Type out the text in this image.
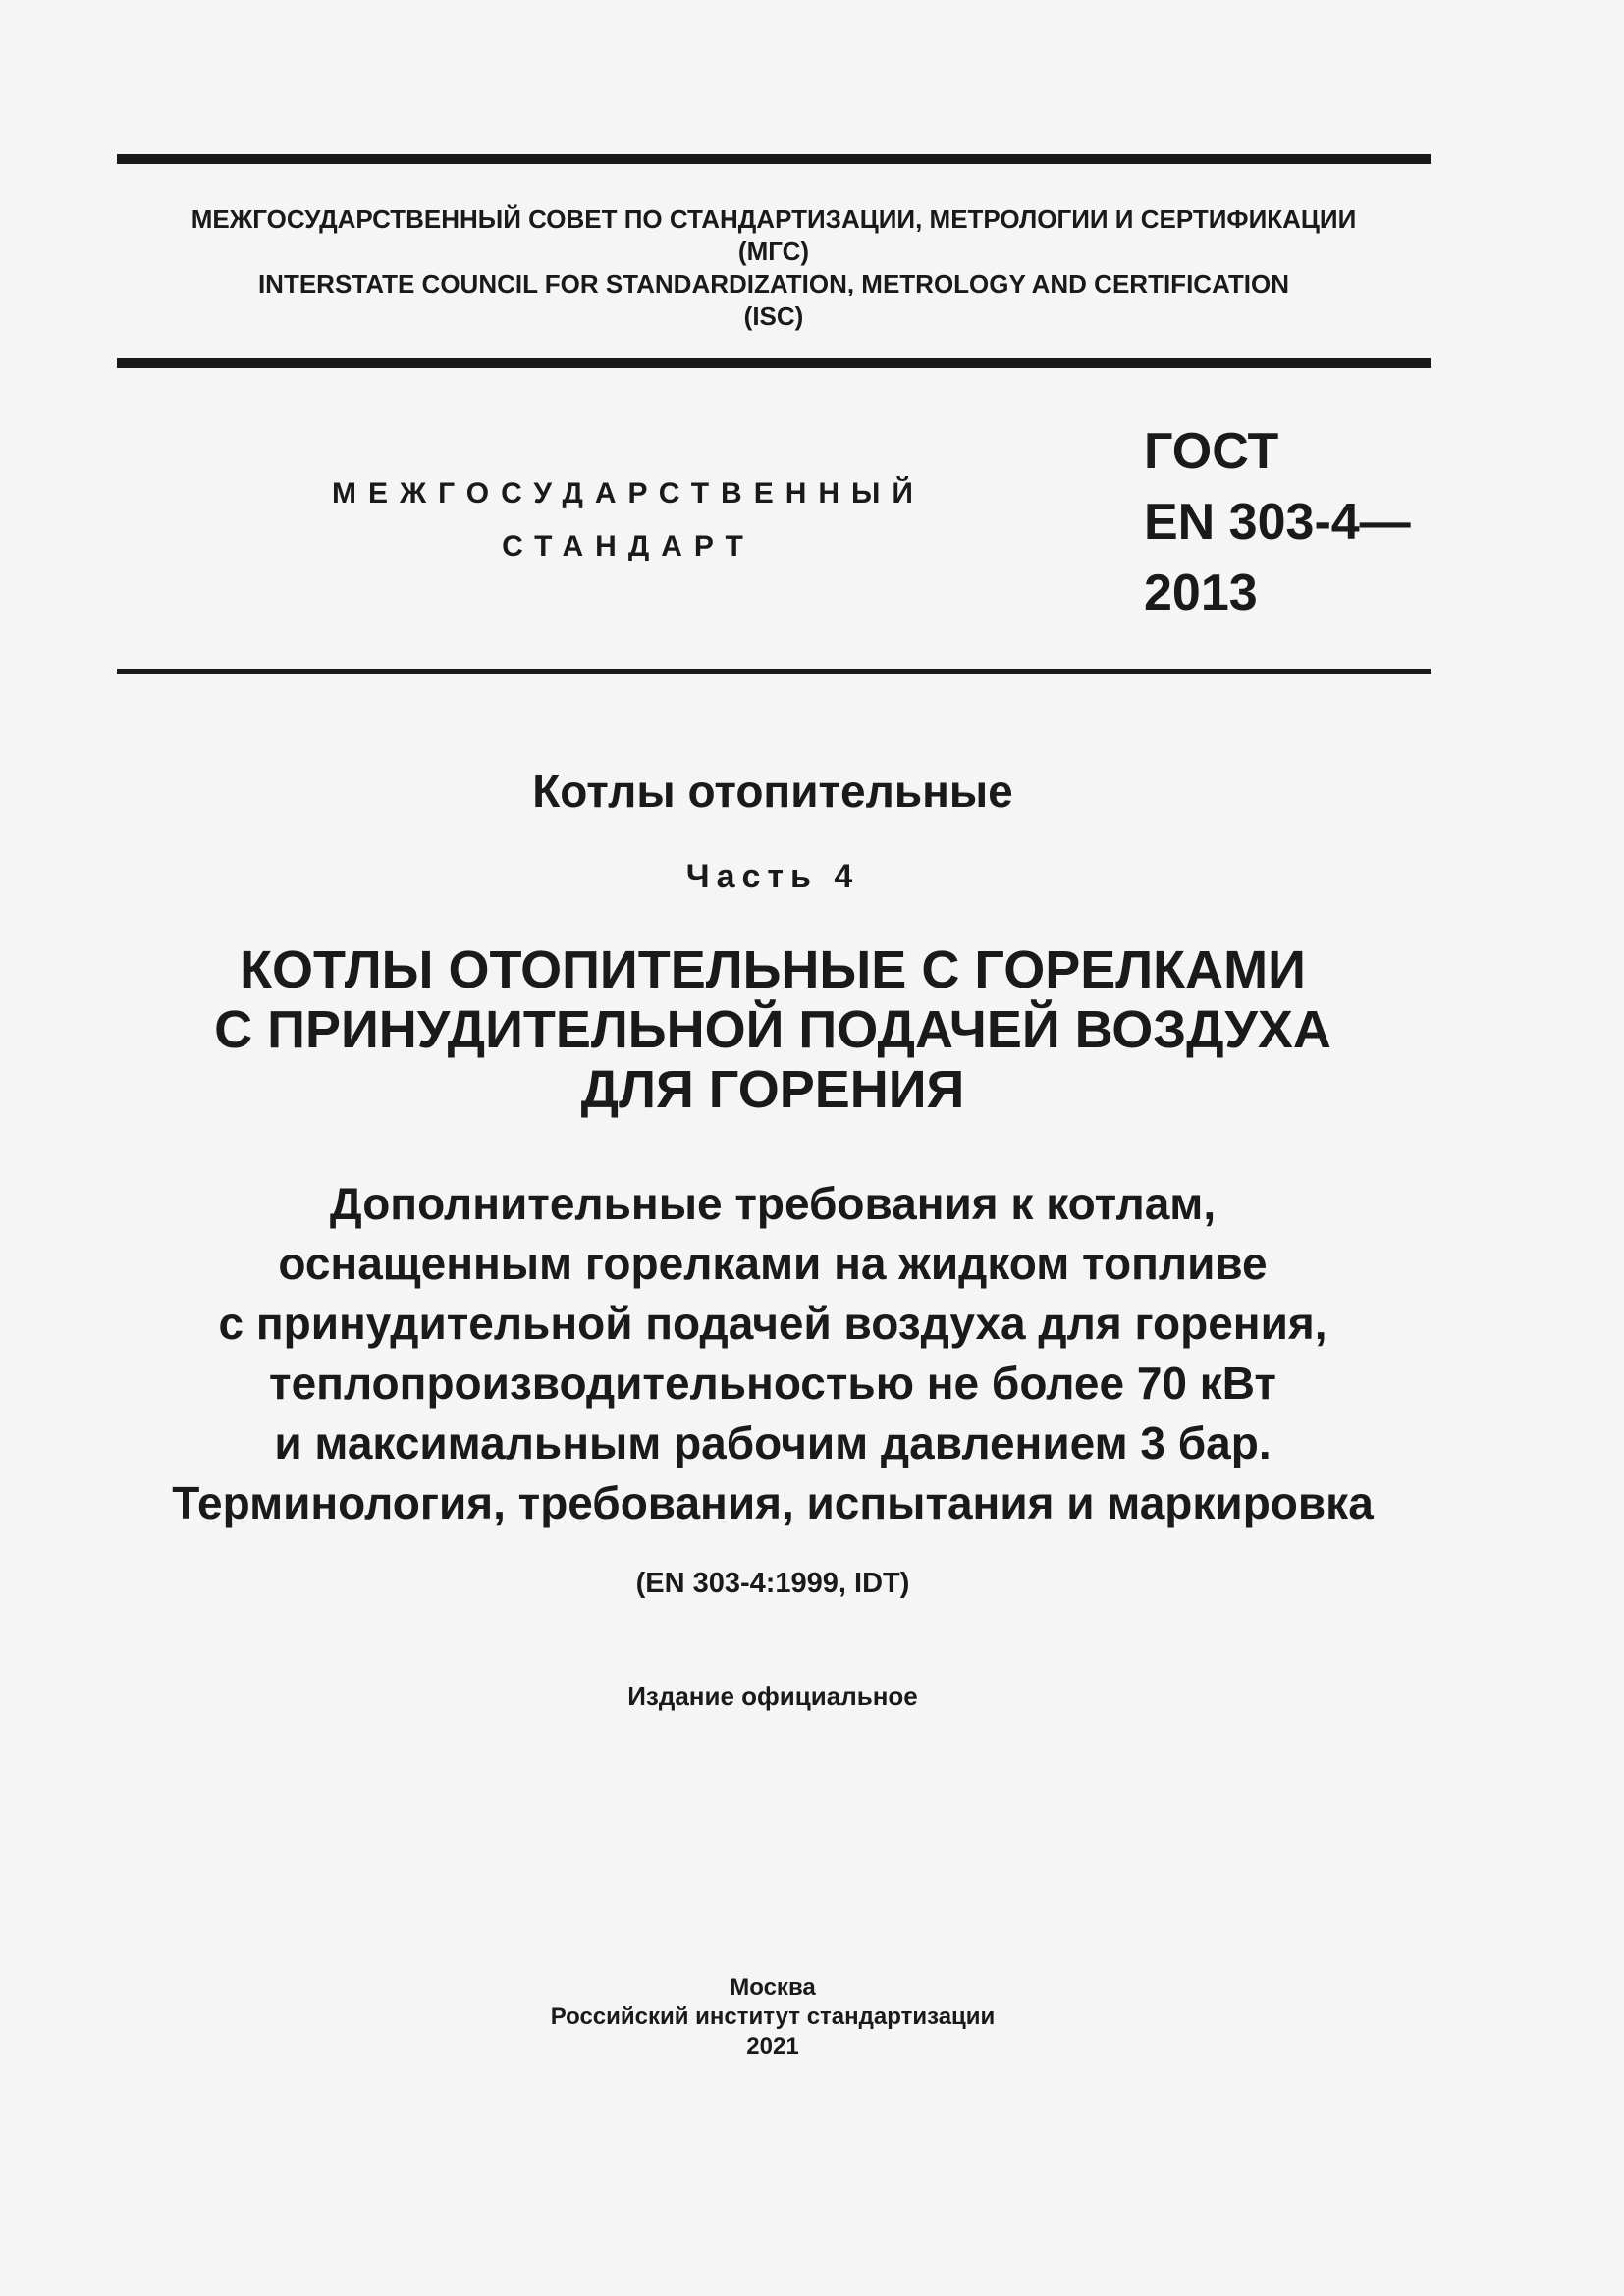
МЕЖГОСУДАРСТВЕННЫЙ СОВЕТ ПО СТАНДАРТИЗАЦИИ, МЕТРОЛОГИИ И СЕРТИФИКАЦИИ
(МГС)
INTERSTATE COUNCIL FOR STANDARDIZATION, METROLOGY AND CERTIFICATION
(ISC)
МЕЖГОСУДАРСТВЕННЫЙ
СТАНДАРТ
ГОСТ
EN 303-4—
2013
Котлы отопительные
Часть 4
КОТЛЫ ОТОПИТЕЛЬНЫЕ С ГОРЕЛКАМИ
С ПРИНУДИТЕЛЬНОЙ ПОДАЧЕЙ ВОЗДУХА
ДЛЯ ГОРЕНИЯ
Дополнительные требования к котлам,
оснащенным горелками на жидком топливе
с принудительной подачей воздуха для горения,
теплопроизводительностью не более 70 кВт
и максимальным рабочим давлением 3 бар.
Терминология, требования, испытания и маркировка
(EN 303-4:1999, IDT)
Издание официальное
Москва
Российский институт стандартизации
2021
